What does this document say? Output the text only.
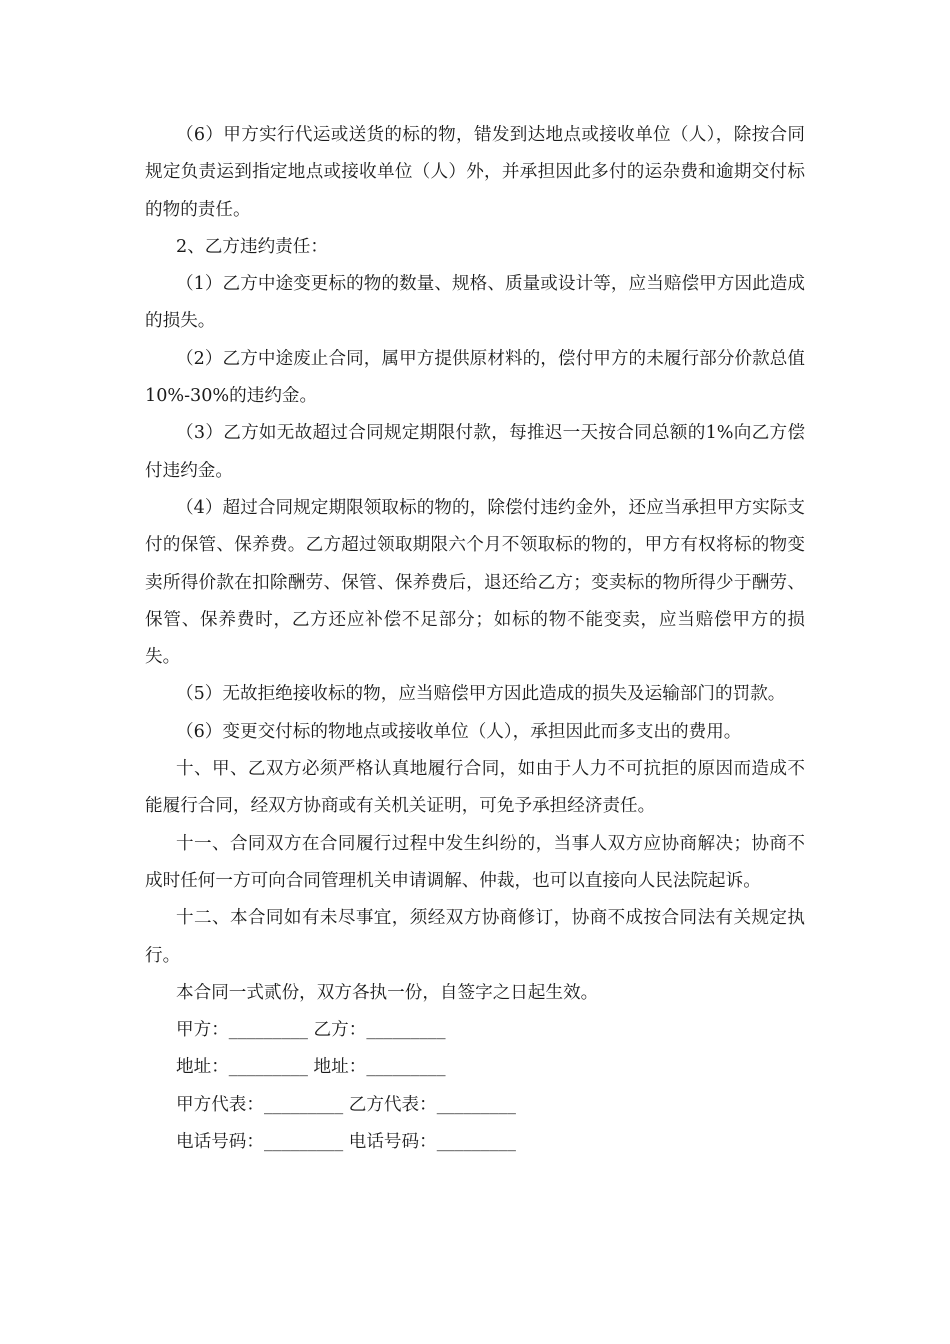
（6）甲方实行代运或送货的标的物，错发到达地点或接收单位（人），除按合同规定负责运到指定地点或接收单位（人）外，并承担因此多付的运杂费和逾期交付标的物的责任。

2、乙方违约责任：

（1）乙方中途变更标的物的数量、规格、质量或设计等，应当赔偿甲方因此造成的损失。

（2）乙方中途废止合同，属甲方提供原材料的，偿付甲方的未履行部分价款总值10%-30%的违约金。

（3）乙方如无故超过合同规定期限付款，每推迟一天按合同总额的1%向乙方偿付违约金。

（4）超过合同规定期限领取标的物的，除偿付违约金外，还应当承担甲方实际支付的保管、保养费。乙方超过领取期限六个月不领取标的物的，甲方有权将标的物变卖所得价款在扣除酬劳、保管、保养费后，退还给乙方；变卖标的物所得少于酬劳、保管、保养费时，乙方还应补偿不足部分；如标的物不能变卖，应当赔偿甲方的损失。

（5）无故拒绝接收标的物，应当赔偿甲方因此造成的损失及运输部门的罚款。

（6）变更交付标的物地点或接收单位（人），承担因此而多支出的费用。

十、甲、乙双方必须严格认真地履行合同，如由于人力不可抗拒的原因而造成不能履行合同，经双方协商或有关机关证明，可免予承担经济责任。

十一、合同双方在合同履行过程中发生纠纷的，当事人双方应协商解决；协商不成时任何一方可向合同管理机关申请调解、仲裁，也可以直接向人民法院起诉。

十二、本合同如有未尽事宜，须经双方协商修订，协商不成按合同法有关规定执行。

本合同一式贰份，双方各执一份，自签字之日起生效。

甲方：_________ 乙方：_________

地址：_________ 地址：_________

甲方代表：_________ 乙方代表：_________

电话号码：_________ 电话号码：_________
